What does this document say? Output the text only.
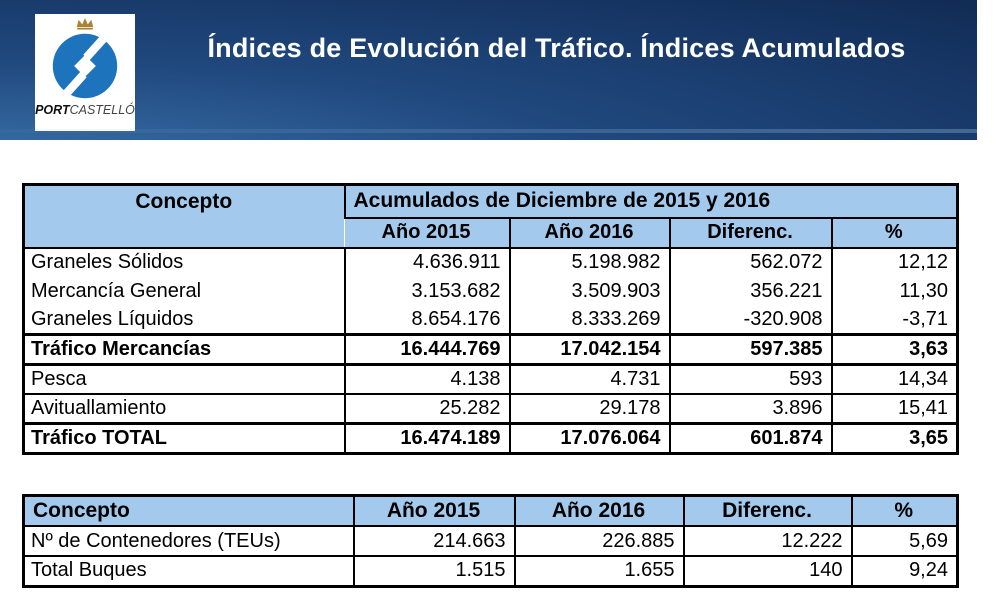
PORTCASTELLÓ
Índices de Evolución del Tráfico. Índices Acumulados
Concepto	Acumulados de Diciembre de 2015 y 2016			
	Año 2015	Año 2016	Diferenc.	%
Graneles Sólidos	4.636.911	5.198.982	562.072	12,12
Mercancía General	3.153.682	3.509.903	356.221	11,30
Graneles Líquidos	8.654.176	8.333.269	-320.908	-3,71
Tráfico Mercancías	16.444.769	17.042.154	597.385	3,63
Pesca	4.138	4.731	593	14,34
Avituallamiento	25.282	29.178	3.896	15,41
Tráfico TOTAL	16.474.189	17.076.064	601.874	3,65
Concepto	Año 2015	Año 2016	Diferenc.	%
Nº de Contenedores (TEUs)	214.663	226.885	12.222	5,69
Total Buques	1.515	1.655	140	9,24
